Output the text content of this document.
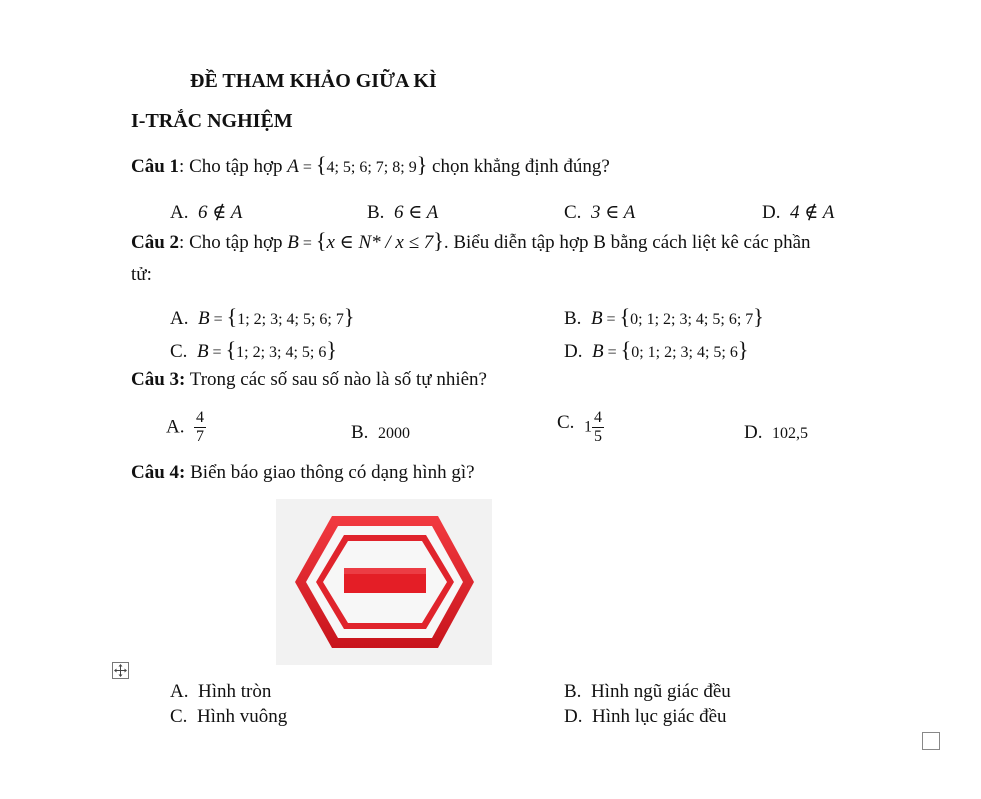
ĐỀ THAM KHẢO GIỮA KÌ
I-TRẮC NGHIỆM
Câu 1: Cho tập hợp A = {4; 5; 6; 7; 8; 9} chọn khẳng định đúng?
A. 6 ∉ A	B. 6 ∈ A	C. 3 ∈ A	D. 4 ∉ A
Câu 2: Cho tập hợp B = {x ∈ N* / x ≤ 7}. Biểu diễn tập hợp B bằng cách liệt kê các phần
tử:
A. B = {1; 2; 3; 4; 5; 6; 7}	B. B = {0; 1; 2; 3; 4; 5; 6; 7}
C. B = {1; 2; 3; 4; 5; 6}	D. B = {0; 1; 2; 3; 4; 5; 6}
Câu 3: Trong các số sau số nào là số tự nhiên?
A. $\frac{4}{7}$	B. 2000
C. $1 \frac{4}{5}$	D. 102,5
Câu 4: Biển báo giao thông có dạng hình gì?
A. Hình tròn	B. Hình ngũ giác đều
C. Hình vuông	D. Hình lục giác đều
